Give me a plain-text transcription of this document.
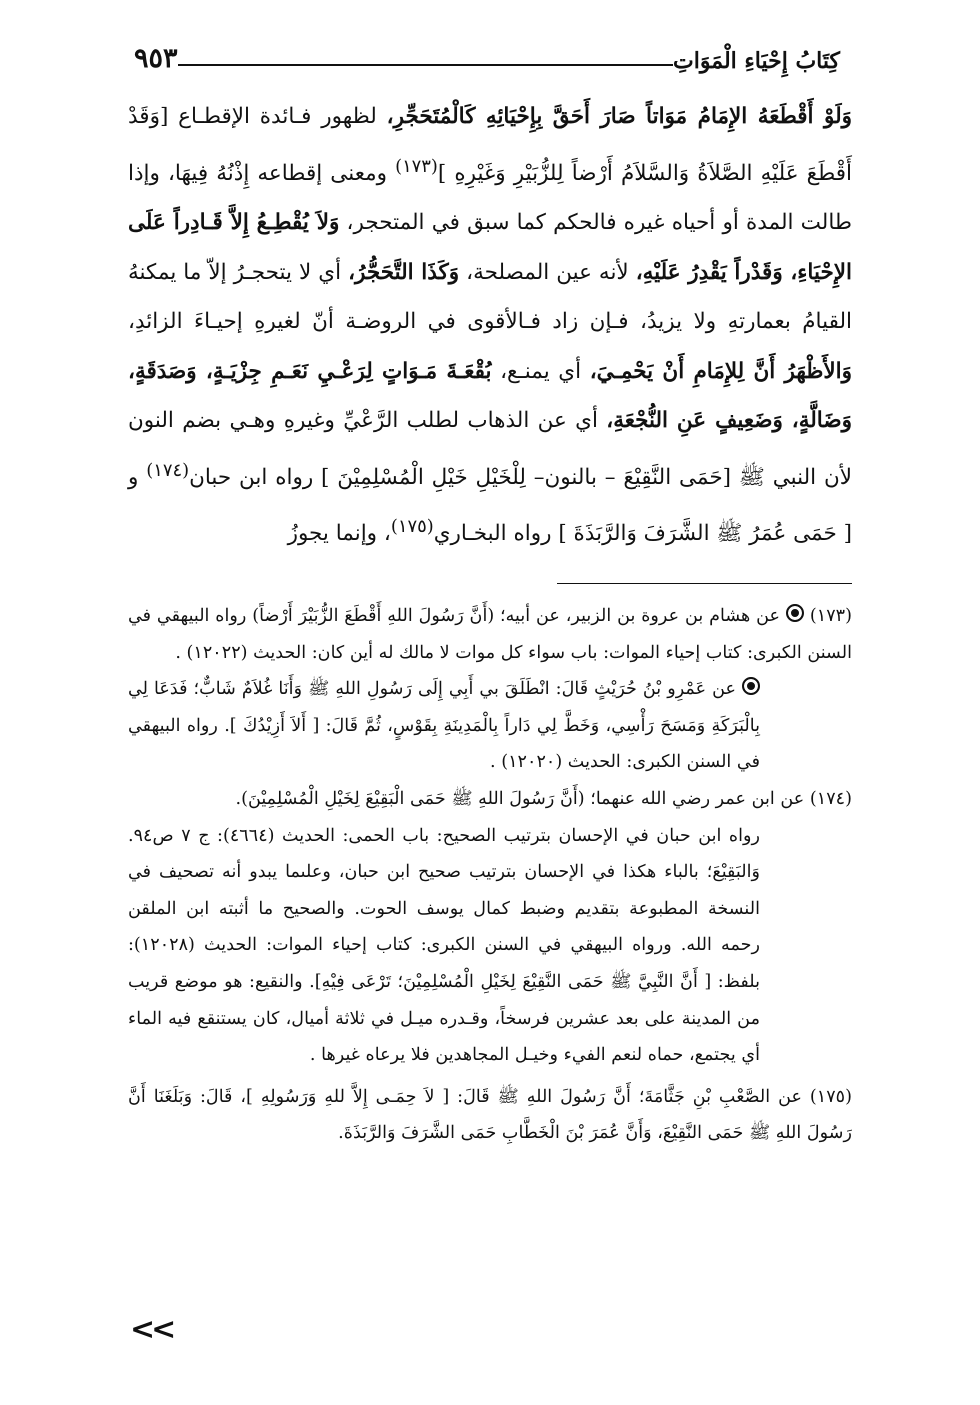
كِتَابُ إِحْيَاءِ الْمَوَاتِ
٩٥٣

وَلَوْ أَقْطَعَهُ الإِمَامُ مَوَاتاً صَارَ أَحَقَّ بِإِحْيَائِهِ كَالْمُتَحَجِّرِ، لظهور فـائدة الإقطـاع [وَقَدْ أَقْطَعَ عَلَيْهِ الصَّلاَةُ وَالسَّلاَمُ أَرْضاً لِلزُّبَيْرِ وَغَيْرِهِ ]$^{(١٧٣)}$ ومعنى إقطاعه إِذْنُهُ فِيهَا، وإذا طالت المدة أو أحياه غيره فالحكم كما سبق في المتحجر، وَلاَ يُقْطِـعُ إِلاَّ قَـادِراً عَلَى الإِحْيَاءِ، وَقَدْراً يَقْدِرُ عَلَيْهِ، لأنه عين المصلحة، وَكَذَا التَّحَجُّرُ، أي لا يتحجـرُ إلاّ ما يمكنهُ القيامُ بعمارتهِ ولا يزيدُ، فـإن زاد فـالأقوى في الروضـة أنّ لغيرهِ إحيـاءَ الزائدِ، وَالأَظْهَرُ أَنَّ لِلإِمَامِ أَنْ يَحْمِـيَ، أي يمنـع، بُقْعَـةَ مَـوَاتٍ لِرَعْـيِ نَعَـمِ جِزْيَـةٍ، وَصَدَقَةٍ، وَضَالَّةٍ، وَضَعِيفٍ عَنِ النُّجْعَةِ، أي عن الذهاب لطلب الرَّعْيِّ وغيرهِ وهـي بضم النون لأن النبي ﷺ [حَمَى النَّقِيْعَ – بالنون– لِلْخَيْلِ خَيْلِ الْمُسْلِمِيْنَ ] رواه ابن حبان$^{(١٧٤)}$ و [ حَمَى عُمَرُ ﷺ الشَّرَفَ وَالرَّبَذَةَ ] رواه البخـاري$^{(١٧٥)}$، وإنما يجوزُ

(١٧٣) عن هشام بن عروة بن الزبير، عن أبيه؛ (أَنَّ رَسُولَ اللهِ أَقْطَعَ الزُّبَيْرَ أَرْضاً) رواه البيهقي في السنن الكبرى: كتاب إحياء الموات: باب سواء كل موات لا مالك له أين كان: الحديث (١٢٠٢٢) .
عن عَمْرِو بْنُ حُرَيْثٍ قَالَ: انْطَلَقَ بي أَبِي إِلَى رَسُولِ اللهِ ﷺ وَأَنَا غُلاَمٌ شَابٌّ؛ فَدَعَا لِي بِالْبَرَكَةِ وَمَسَحَ رَأْسِي، وَخَطَّ لِي دَاراً بِالْمَدِينَةِ بِقَوْسٍ، ثُمَّ قَالَ: [ أَلاَ أَزِيْدُكَ ]. رواه البيهقي في السنن الكبرى: الحديث (١٢٠٢٠) .
(١٧٤) عن ابن عمر رضي الله عنهما؛ (أَنَّ رَسُولَ اللهِ ﷺ حَمَى الْبَقِيْعَ لِخَيْلِ الْمُسْلِمِيْنَ).
رواه ابن حبان في الإحسان بترتيب الصحيح: باب الحمى: الحديث (٤٦٦٤): ج ٧ ص٩٤. وَالبَقِيْعَ؛ بالباء هكذا في الإحسان بترتيب صحيح ابن حبان، وعلىما يبدو أنه تصحيف في النسخة المطبوعة بتقديم وضبط كمال يوسف الحوت. والصحيح ما أثبته ابن الملقن رحمه الله. ورواه البيهقي في السنن الكبرى: كتاب إحياء الموات: الحديث (١٢٠٢٨): بلفظ: [ أَنَّ النَّبِيَّ ﷺ حَمَى النَّقِيْعَ لِخَيْلِ الْمُسْلِمِيْنَ؛ تَرْعَى فِيْهِ]. والنقيع: هو موضع قريب من المدينة على بعد عشرين فرسخاً، وقـدره ميـل في ثلاثة أميال، كان يستنقع فيه الماء أي يجتمع، حماه لنعم الفيء وخيـل المجاهدين فلا يرعاه غيرها .
(١٧٥) عن الصَّعْبِ بْنِ جَثَّامَةَ؛ أَنَّ رَسُولَ اللهِ ﷺ قَالَ: [ لاَ حِمَـى إِلاَّ للهِ وَرَسُولِهِ ]، قَالَ: وَبَلَغَنَا أَنَّ رَسُولَ اللهِ ﷺ حَمَى النَّقِيْعَ، وَأَنَّ عُمَرَ بْنَ الْخَطَّابِ حَمَى الشَّرَفَ وَالرَّبَذَةَ.
<<
